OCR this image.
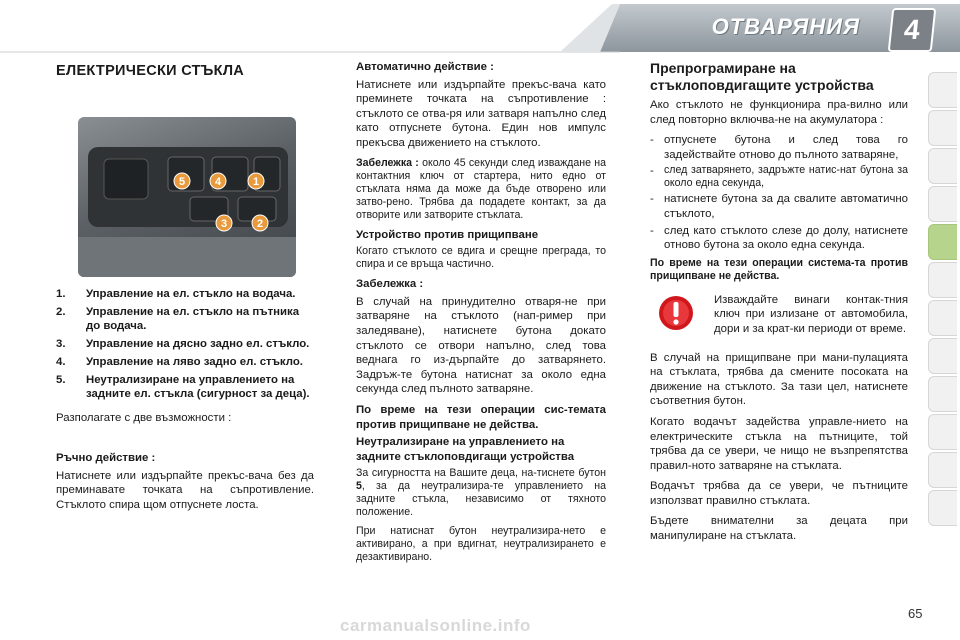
ОТВАРЯНИЯ	4
ЕЛЕКТРИЧЕСКИ СТЪКЛА
5	4	1
3	2
1.	Управление на ел. стъкло на водача.
2.	Управление на ел. стъкло на пътника до водача.
3.	Управление на дясно задно ел. стъкло.
4.	Управление на ляво задно ел. стъкло.
5.	Неутрализиране на управлението на задните ел. стъкла (сигурност за деца).

Разполагате с две възможности :

Ръчно действие :

Натиснете или издърпайте прекъс-вача без да преминавате точката на съпротивление. Стъклото спира щом отпуснете лоста.

Автоматично действие :

Натиснете или издърпайте прекъс-вача като преминете точката на съпротивление : стъклото се отва-ря или затваря напълно след като отпуснете бутона. Един нов импулс прекъсва движението на стъклото.

Забележка : около 45 секунди след изваждане на контактния ключ от стартера, нито едно от стъклата няма да може да бъде отворено или затво-рено. Трябва да подадете контакт, за да отворите или затворите стъклата.

Устройство против прищипване

Когато стъклото се вдига и срещне преграда, то спира и се връща частично.

Забележка :

В случай на принудително отваря-не при затваряне на стъклото (нап-ример при заледяване), натиснете бутона докато стъклото се отвори напълно, след това веднага го из-дърпайте до затварянето. Задръж-те бутона натиснат за около една секунда след пълното затваряне.

По време на тези операции сис-темата против прищипване не действа.

Неутрализиране на управлението на задните стъклоповдигащи устройства

За сигурността на Вашите деца, на-тиснете бутон 5, за да неутрализира-те управлението на задните стъкла, независимо от тяхното положение.

При натиснат бутон неутрализира-нето е активирано, а при вдигнат, неутрализирането е дезактивирано.

Препрограмиране на стъклоповдигащите устройства

Ако стъклото не функционира пра-вилно или след повторно включва-не на акумулатора :

- отпуснете бутона и след това го задействайте отново до пълното затваряне,
- след затварянето, задръжте натис-нат бутона за около една секунда,
- натиснете бутона за да свалите автоматично стъклото,
- след като стъклото слезе до долу, натиснете отново бутона за около една секунда.

По време на тези операции система-та против прищипване не действа.

Изваждайте винаги контак-тния ключ при излизане от автомобила, дори и за крат-ки периоди от време.

В случай на прищипване при мани-пулацията на стъклата, трябва да смените посоката на движение на стъклото. За тази цел, натиснете съответния бутон.

Когато водачът задейства управле-нието на електрическите стъкла на пътниците, той трябва да се увери, че нищо не възпрепятства правил-ното затваряне на стъклата.

Водачът трябва да се увери, че пътниците използват правилно стъклата.

Бъдете внимателни за децата при манипулиране на стъклата.

65
carmanualsonline.info
